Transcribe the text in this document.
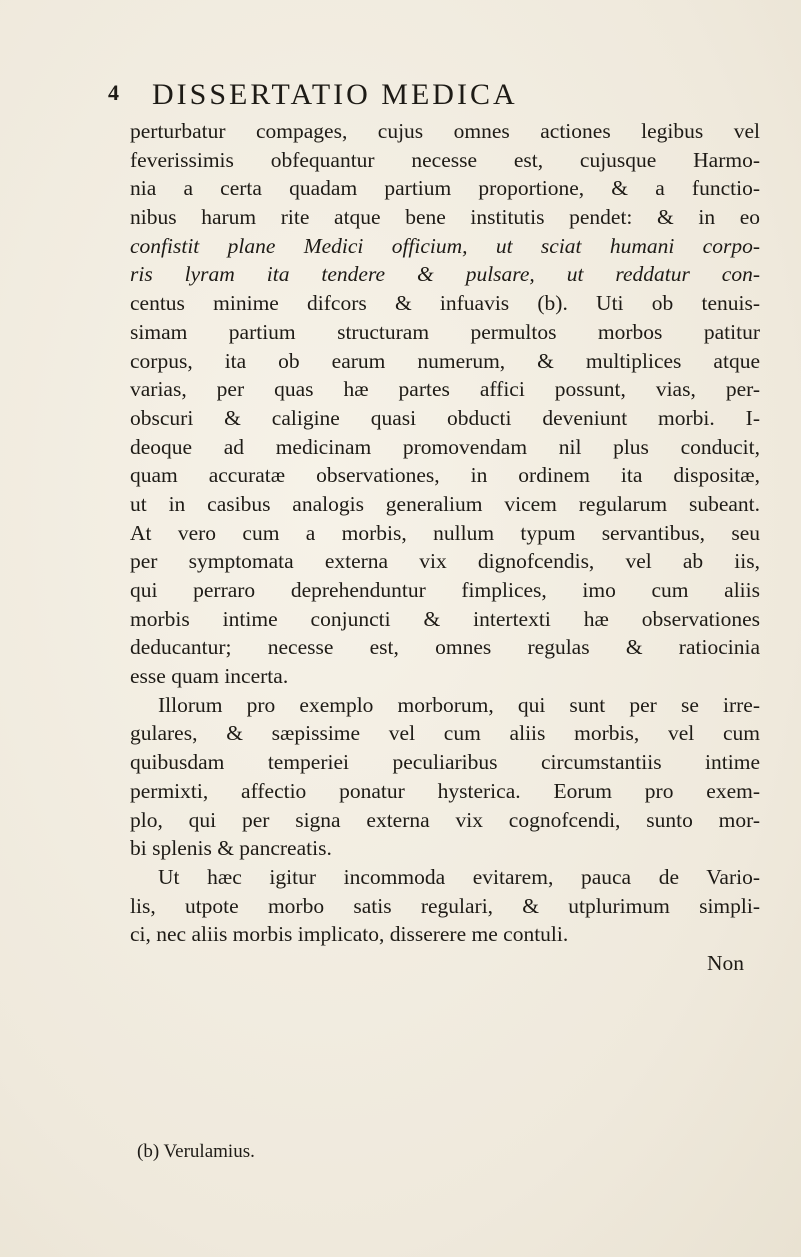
4 DISSERTATIO MEDICA
perturbatur compages, cujus omnes actiones legibus vel
feverissimis obfequantur necesse est, cujusque Harmo-
nia a certa quadam partium proportione, & a functio-
nibus harum rite atque bene institutis pendet: & in eo
confistit plane Medici officium, ut sciat humani corpo-
ris lyram ita tendere & pulsare, ut reddatur con-
centus minime difcors & infuavis (b). Uti ob tenuis-
simam partium structuram permultos morbos patitur
corpus, ita ob earum numerum, & multiplices atque
varias, per quas hæ partes affici possunt, vias, per-
obscuri & caligine quasi obducti deveniunt morbi. I-
deoque ad medicinam promovendam nil plus conducit,
quam accuratæ observationes, in ordinem ita dispositæ,
ut in casibus analogis generalium vicem regularum subeant.
At vero cum a morbis, nullum typum servantibus, seu
per symptomata externa vix dignofcendis, vel ab iis,
qui perraro deprehenduntur fimplices, imo cum aliis
morbis intime conjuncti & intertexti hæ observationes
deducantur; necesse est, omnes regulas & ratiocinia
esse quam incerta.
Illorum pro exemplo morborum, qui sunt per se irre-
gulares, & sæpissime vel cum aliis morbis, vel cum
quibusdam temperiei peculiaribus circumstantiis intime
permixti, affectio ponatur hysterica. Eorum pro exem-
plo, qui per signa externa vix cognofcendi, sunto mor-
bi splenis & pancreatis.
Ut hæc igitur incommoda evitarem, pauca de Vario-
lis, utpote morbo satis regulari, & utplurimum simpli-
ci, nec aliis morbis implicato, disserere me contuli.
Non
(b) Verulamius.
